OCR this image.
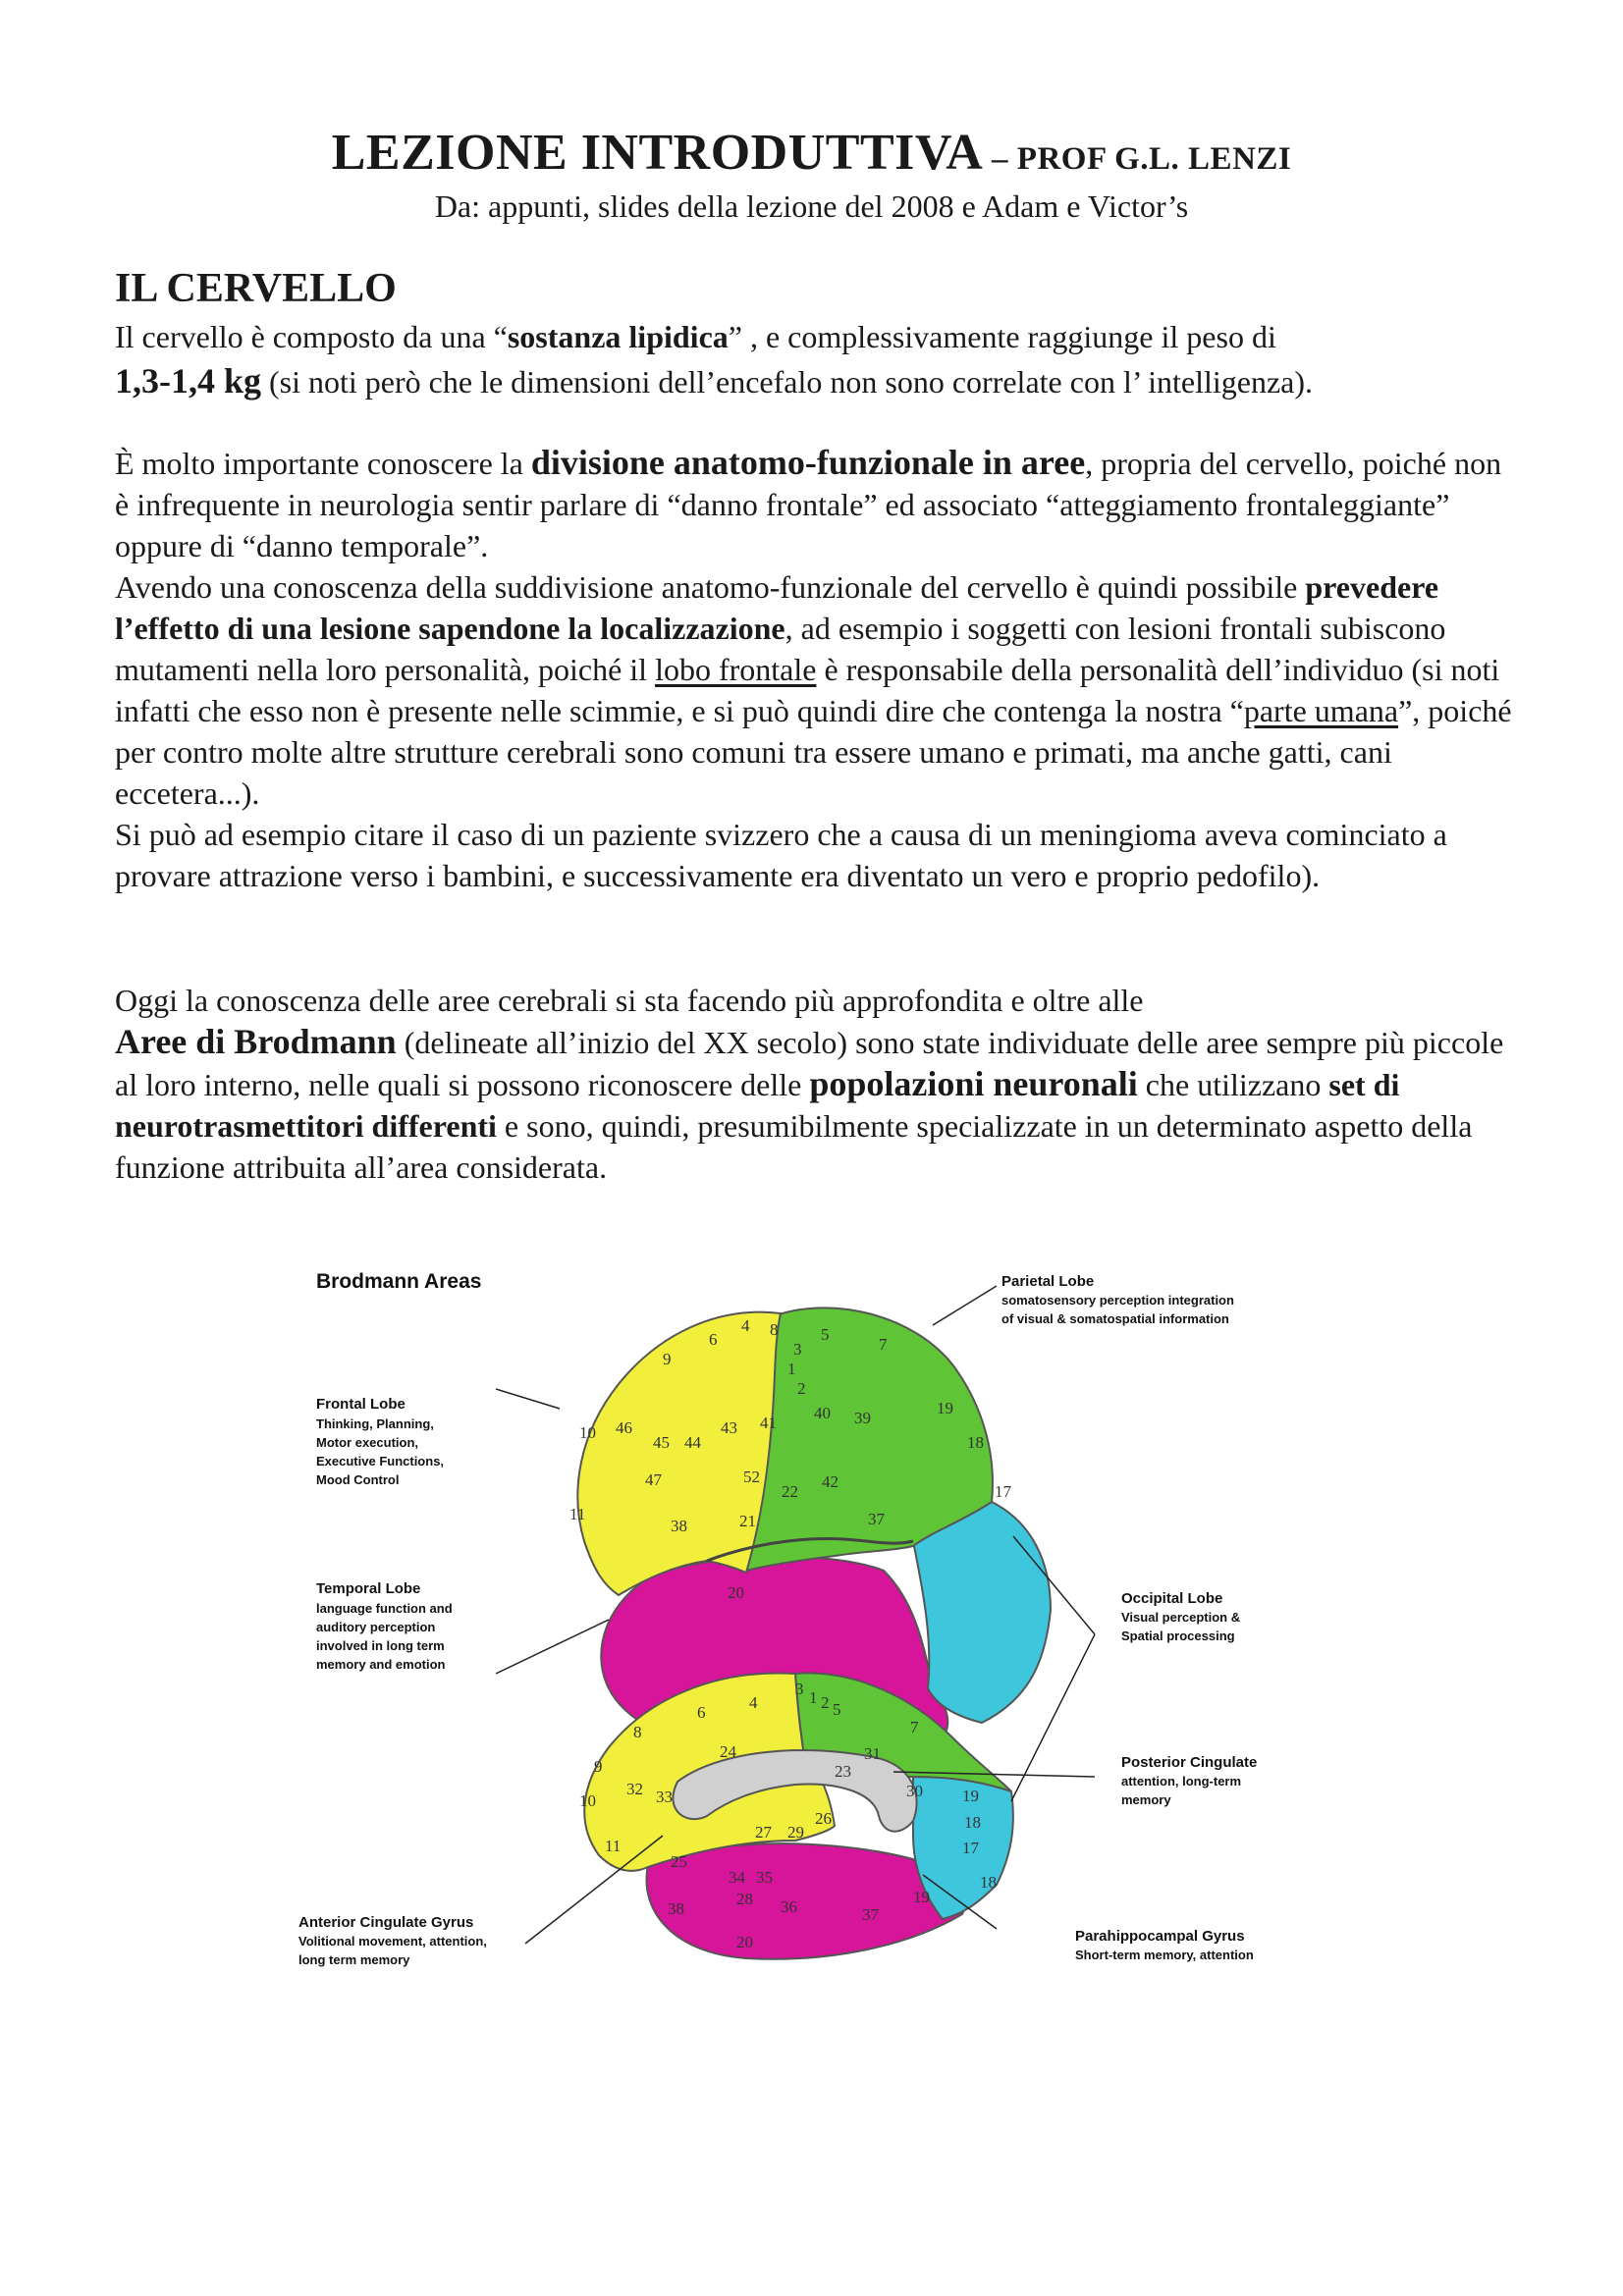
LEZIONE INTRODUTTIVA – PROF G.L. LENZI
Da: appunti, slides della lezione del 2008 e Adam e Victor’s
IL CERVELLO
Il cervello è composto da una “sostanza lipidica” , e complessivamente raggiunge il peso di
1,3-1,4 kg (si noti però che le dimensioni dell’encefalo non sono correlate con l’ intelligenza).
È molto importante conoscere la divisione anatomo-funzionale in aree, propria del cervello, poiché non è infrequente in neurologia sentir parlare di “danno frontale” ed associato “atteggiamento frontaleggiante” oppure di “danno temporale”.
Avendo una conoscenza della suddivisione anatomo-funzionale del cervello è quindi possibile prevedere l’effetto di una lesione sapendone la localizzazione, ad esempio i soggetti con lesioni frontali subiscono mutamenti nella loro personalità, poiché il lobo frontale è responsabile della personalità dell’individuo (si noti infatti che esso non è presente nelle scimmie, e si può quindi dire che contenga la nostra “parte umana”, poiché per contro molte altre strutture cerebrali sono comuni tra essere umano e primati, ma anche gatti, cani eccetera...).
Si può ad esempio citare il caso di un paziente svizzero che a causa di un meningioma aveva cominciato a provare attrazione verso i bambini, e successivamente era diventato un vero e proprio pedofilo).
Oggi la conoscenza delle aree cerebrali si sta facendo più approfondita e oltre alle
Aree di Brodmann (delineate all’inizio del XX secolo) sono state individuate delle aree sempre più piccole al loro interno, nelle quali si possono riconoscere delle popolazioni neuronali che utilizzano set di neurotrasmettitori differenti e sono, quindi, presumibilmente specializzate in un determinato aspetto della funzione attribuita all’area considerata.
Brodmann Areas
6
4 8
3
1
2
5
7
9
10 46
45 44
43 41
40 39
19
18
17
47	52
22
42
11
38	21	37
20
4
6
3 1 2 5
8	7
24	31
9
32 33
23
30 19
26
10
27 29
18
11
25
34 35
17
28
38	36	37
19
18
20
Frontal Lobe
Thinking, Planning,
Motor execution,
Executive Functions,
Mood Control
Temporal Lobe
language function and
auditory perception
involved in long term
memory and emotion
Parietal Lobe
somatosensory perception integration
of visual & somatospatial information
Occipital Lobe
Visual perception &
Spatial processing
Posterior Cingulate
attention, long-term
memory
Anterior Cingulate Gyrus
Volitional movement, attention,
long term memory
Parahippocampal Gyrus
Short-term memory, attention
